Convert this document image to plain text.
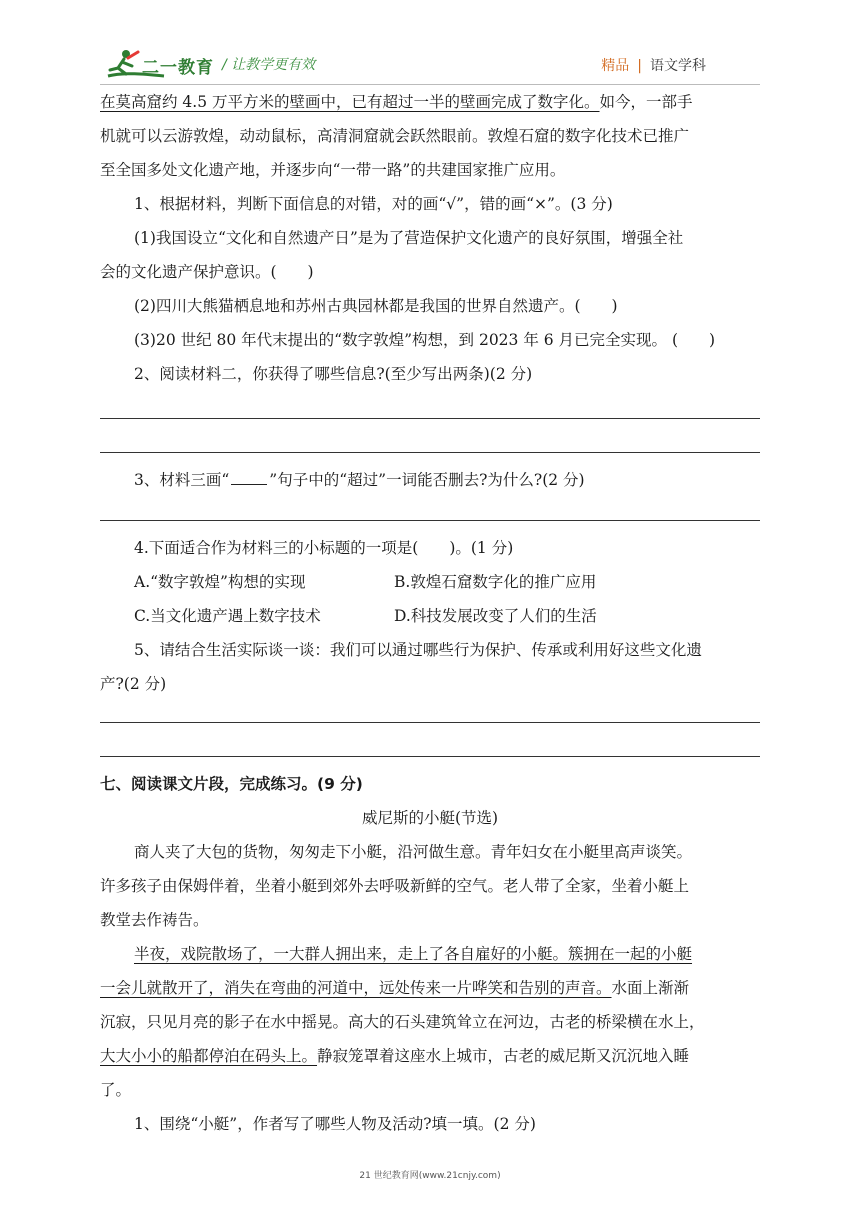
二一教育 / 让教学更有效	精品 | 语文学科
在莫高窟约 4.5 万平方米的壁画中，已有超过一半的壁画完成了数字化。如今，一部手
机就可以云游敦煌，动动鼠标，高清洞窟就会跃然眼前。敦煌石窟的数字化技术已推广
至全国多处文化遗产地，并逐步向“一带一路”的共建国家推广应用。
1、根据材料，判断下面信息的对错，对的画“√”，错的画“×”。(3 分)
(1)我国设立“文化和自然遗产日”是为了营造保护文化遗产的良好氛围，增强全社
会的文化遗产保护意识。(　　)
(2)四川大熊猫栖息地和苏州古典园林都是我国的世界自然遗产。(　　)
(3)20 世纪 80 年代末提出的“数字敦煌”构想，到 2023 年 6 月已完全实现。 (　　)
2、阅读材料二，你获得了哪些信息?(至少写出两条)(2 分)
3、材料三画“	”句子中的“超过”一词能否删去?为什么?(2 分)
4.下面适合作为材料三的小标题的一项是(　　)。(1 分)
A.“数字敦煌”构想的实现	B.敦煌石窟数字化的推广应用
C.当文化遗产遇上数字技术	D.科技发展改变了人们的生活
5、请结合生活实际谈一谈：我们可以通过哪些行为保护、传承或利用好这些文化遗
产?(2 分)
七、阅读课文片段，完成练习。(9 分)
威尼斯的小艇(节选)
商人夹了大包的货物，匆匆走下小艇，沿河做生意。青年妇女在小艇里高声谈笑。
许多孩子由保姆伴着，坐着小艇到郊外去呼吸新鲜的空气。老人带了全家，坐着小艇上
教堂去作祷告。
半夜，戏院散场了，一大群人拥出来，走上了各自雇好的小艇。簇拥在一起的小艇
一会儿就散开了，消失在弯曲的河道中，远处传来一片哗笑和告别的声音。水面上渐渐
沉寂，只见月亮的影子在水中摇晃。高大的石头建筑耸立在河边，古老的桥梁横在水上，
大大小小的船都停泊在码头上。静寂笼罩着这座水上城市，古老的威尼斯又沉沉地入睡
了。
1、围绕“小艇”，作者写了哪些人物及活动?填一填。(2 分)
21 世纪教育网(www.21cnjy.com)
